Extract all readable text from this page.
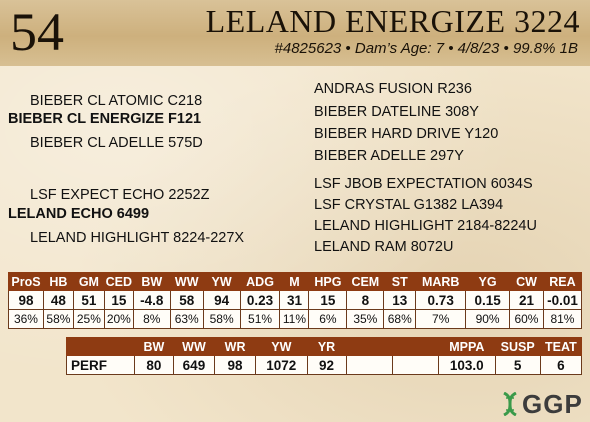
54	LELAND ENERGIZE 3224
#4825623 • Dam’s Age: 7 • 4/8/23 • 99.8% 1B
BIEBER CL ATOMIC C218
BIEBER CL ENERGIZE F121
BIEBER CL ADELLE 575D
LSF EXPECT ECHO 2252Z
LELAND ECHO 6499
LELAND HIGHLIGHT 8224-227X
ANDRAS FUSION R236
BIEBER DATELINE 308Y
BIEBER HARD DRIVE Y120
BIEBER ADELLE 297Y
LSF JBOB EXPECTATION 6034S
LSF CRYSTAL G1382 LA394
LELAND HIGHLIGHT 2184-8224U
LELAND RAM 8072U
ProS	HB	GM	CED	BW	WW	YW	ADG	M	HPG	CEM	ST	MARB	YG	CW	REA
98	48	51	15	-4.8	58	94	0.23	31	15	8	13	0.73	0.15	21	-0.01
36%	58%	25%	20%	8%	63%	58%	51%	11%	6%	35%	68%	7%	90%	60%	81%
	BW	WW	WR	YW	YR			MPPA	SUSP	TEAT
PERF	80	649	98	1072	92			103.0	5	6
GGP
